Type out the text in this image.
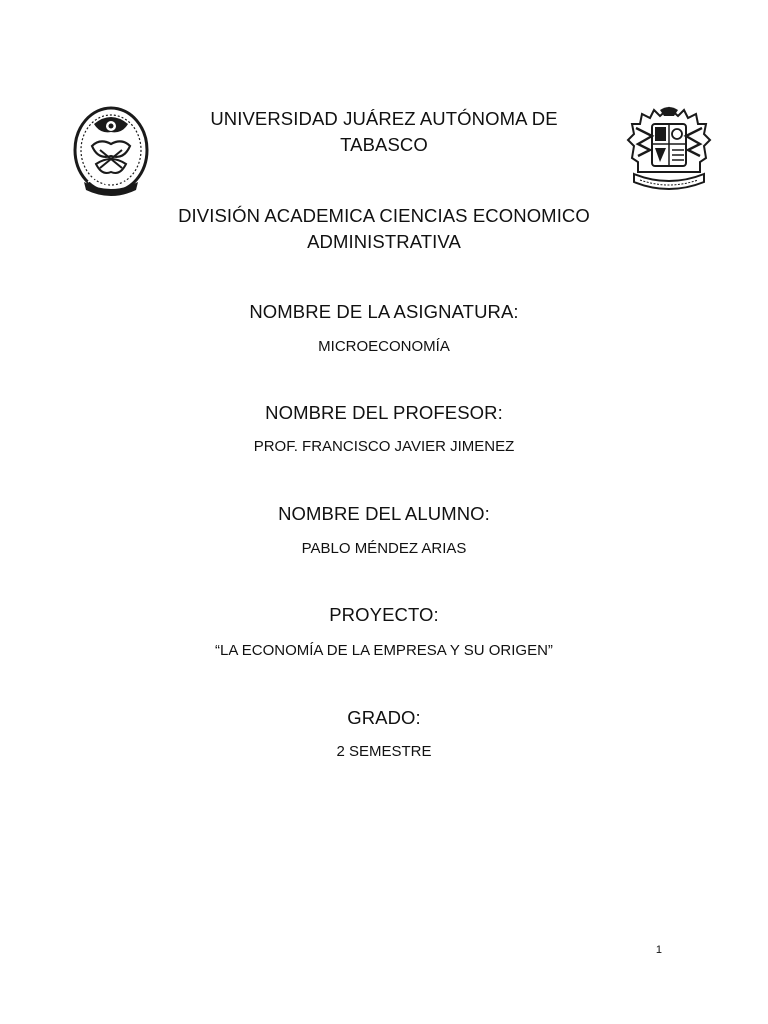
UNIVERSIDAD JUÁREZ AUTÓNOMA DE
TABASCO
DIVISIÓN ACADEMICA CIENCIAS ECONOMICO
ADMINISTRATIVA
NOMBRE DE LA ASIGNATURA:
MICROECONOMÍA
NOMBRE DEL PROFESOR:
PROF. FRANCISCO JAVIER JIMENEZ
NOMBRE DEL ALUMNO:
PABLO MÉNDEZ ARIAS
PROYECTO:
“LA ECONOMÍA DE LA EMPRESA Y SU ORIGEN”
GRADO:
2 SEMESTRE
1
